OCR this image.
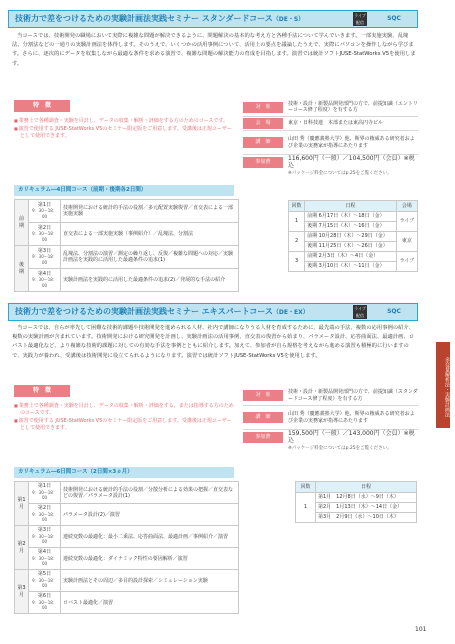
技術力で差をつけるための実験計画法実践セミナー スタンダードコース（DE・S）
ライブ配信
SQC

当コースでは、技術開発の職場において実際に複雑な問題が解決できるように、問題解決の基本的な考え方と各種手法について学んでいきます。一部実施実験、乱塊法、分割法などの一通りの実験計画法を体得します。そのうえで、いくつかの活用事例について、活用上の要点を議論したうえで、実際にパソコンを操作しながら学びます。さらに、逐次的にデータを収集しながら最適な条件を求める演習で、複雑な問題の解決能力の育成を目指します。演習では統計ソフトJUSE-StatWorks V5を使用します。

特　徴
■ 業務上で各種調査・実験を目計し、データの収集・解析・評価をする方のためのコースです。
■ 演習で使用する JUSE-StatWorks V5のセミナー限定版をご用意します。受講後は正規ユーザーとして使用できます。
対　象	技術・設計・新製品開発部門の方で、前提知識（エントリーコース修了程度）を有する方
会　場	東京・日科技連　本部または東高円寺ビル
講　師	山田 秀（慶應義塾大学）他、斯界の権威ある研究者および企業の実務家が指導にあたります
参加費	116,600円（一般）／104,500円（会員）※税込
※パッケージ料金についてはp.25をご覧ください。
カリキュラム―4日間コース（前期・後期各2日間）
前期	第1日
9：30～18：00	技術開発における統計的手法の役割／多元配置実験復習／直交表による一部実施実験

	第2日
9：30～18：00	直交表による一部実施実験（事例紹介）／乱塊法、分割法
後期	第3日
9：30～18：00	乱塊法、分割法の演習／測定の繰り返し、反復／複雑な問題への対応／実験計画法を実践的に活用した最適条件の追求(1)

	第4日
9：30～18：00	実験計画法を実践的に活用した最適条件の追求(2)／発展的な手法の紹介
回数	日程	会場
1	前期 6月17日（木）～18日（金）	ライブ
	後期 7月15日（木）～16日（金）	
2	前期 10月28日（木）～29日（金）	東京
	後期 11月25日（木）～26日（金）	
3	前期 2月3日（木）～4日（金）	ライブ
	後期 3月10日（木）～11日（金）	
技術力で差をつけるための実験計画法実践セミナー エキスパートコース（DE・EX）
ライブ配信
SQC

当コースでは、自らが率先して困難な技術的課題や技術開発を進められる人材、社内で講師になりうる人材を育成するために、最先端の手法、複数の応用事例の紹介、複数の実験計画が含まれています。技術開発における研究開発を計画し、実験計画法の活用事例、直交表の復習から始まり、パラメータ設計、応答曲面法、最適計画、ロバスト最適化など、より複雑な技術的課題に対しての有効な手法を事例とともに紹介します。加えて、参加者が自ら規格を考えながら進める演習も積極的に行いますので、実践力が養われ、受講後は技術開発に役立てられるようになります。演習では統計ソフトJUSE-StatWorks V5を使用します。

特　徴
■ 業務上で各種調査・実験を目計し、データの収集・解析・評価をする、または指導する方のためのコースです。
■ 演習で使用する JUSE-StatWorks V5のセミナー限定版をご用意します。受講後は正規ユーザーとして使用できます。
対　象	技術・設計・新製品開発部門の方で、前提知識（スタンダードコース修了程度）を有する方
講　師	山田 秀（慶應義塾大学）他、斯界の権威ある研究者および企業の実務家が指導にあたります
参加費	159,500円（一般）／143,000円（会員）※税込
※パッケージ料金についてはp.25をご覧ください。
カリキュラム―6日間コース（2日間×3ヵ月）
第1月	第1日
9：30～18：00	技術開発における統計的手法の役割／分散分析による効果の把握／直交表などの復習／パラメータ設計(1)

	第2日
9：30～18：00	パラメータ設計(2)／演習
第2月	第3日
9：30～18：00	連続変数の最適化：最小二乗法、応答曲面法、最適計画／事例紹介／演習

	第4日
9：30～18：00	連続変数の最適化：ダイナミック特性の要因解析／演習
第3月	第5日
9：30～18：00	実験計画法とその周辺／多目的設計探索／シミュレーション実験

	第6日
9：30～18：00	ロバスト最適化／演習
回数	日程
1	第1月　12月8日（水）～9日（木）
	第2月　1月13日（木）～14日（金）
	第3月　2月9日（水）～10日（木）
多変量解析法・実験計画法
101
